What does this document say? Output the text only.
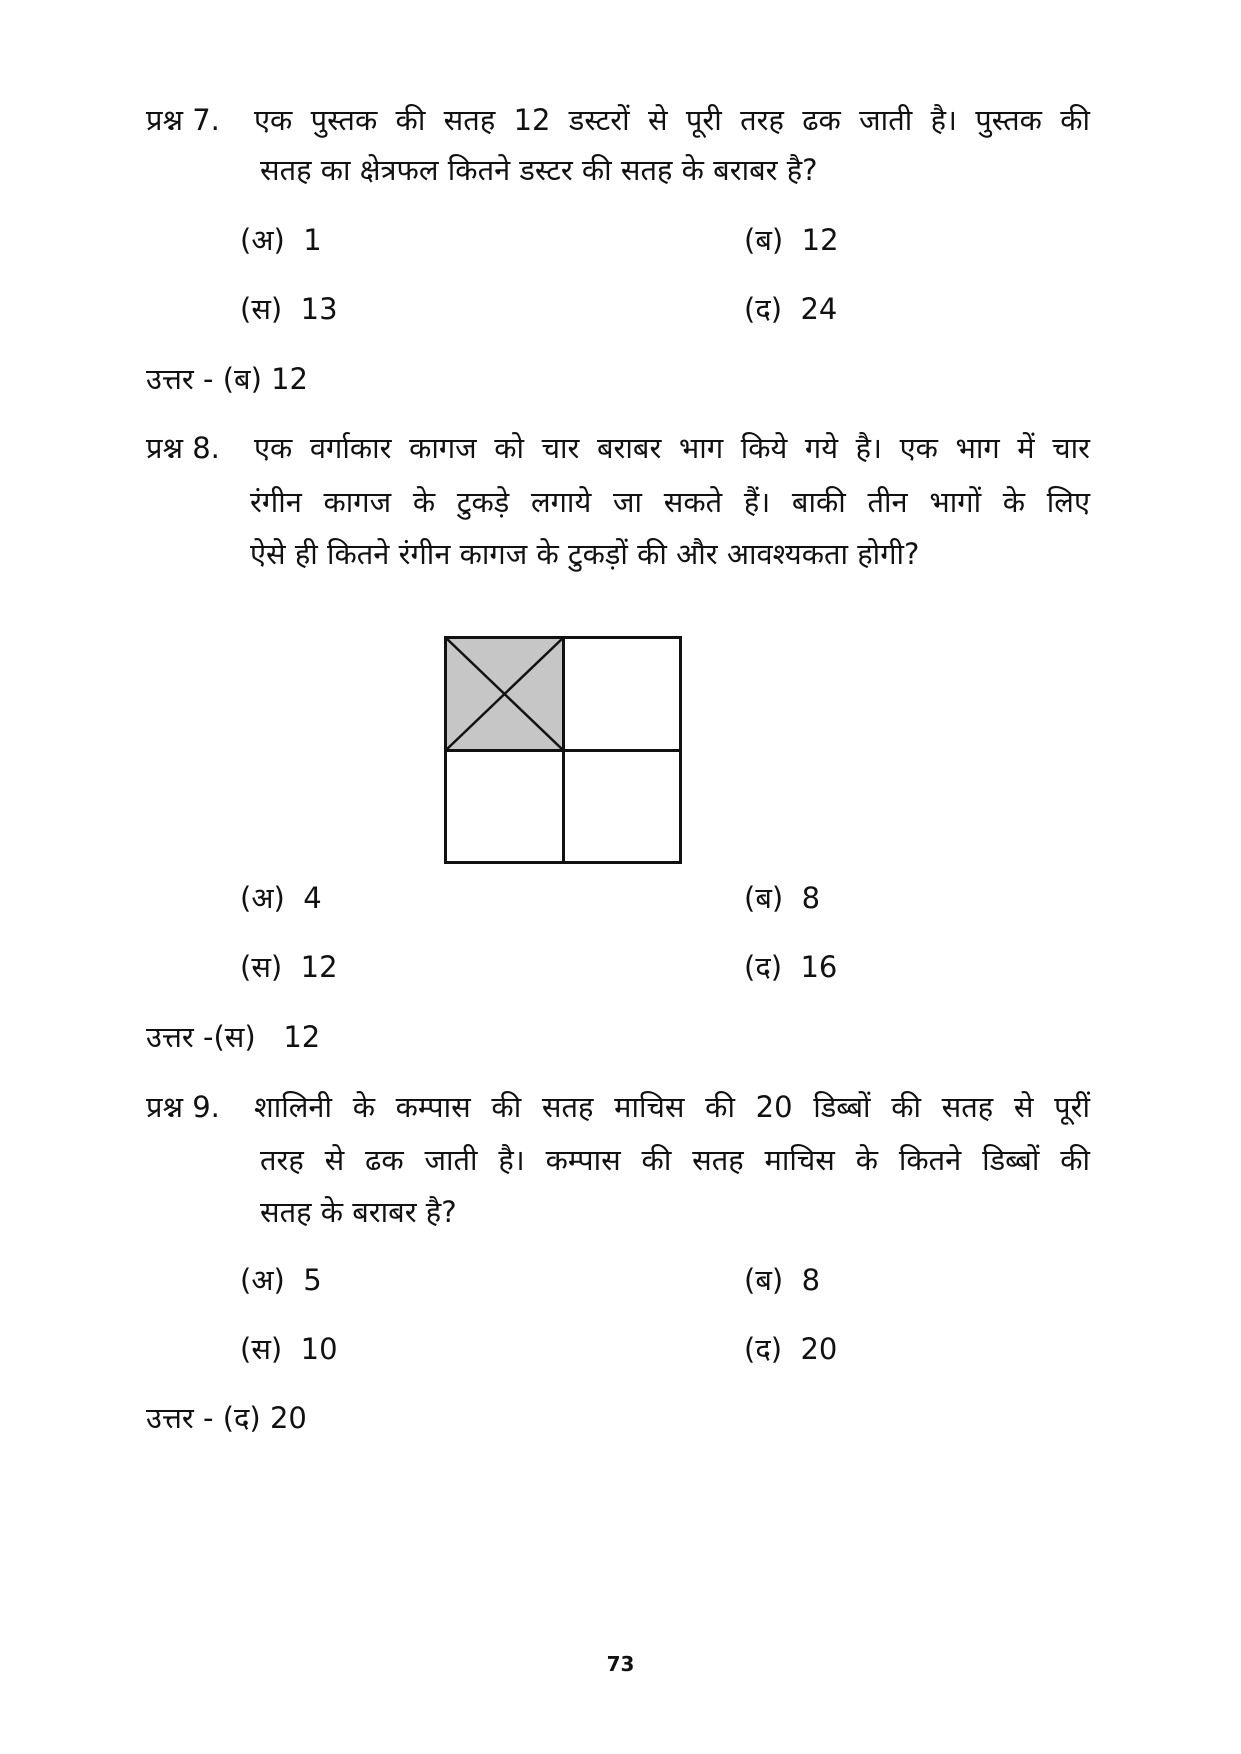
प्रश्न 7. एक पुस्तक की सतह 12 डस्टरों से पूरी तरह ढक जाती है। पुस्तक की
सतह का क्षेत्रफल कितने डस्टर की सतह के बराबर है?
(अ) 1	(ब) 12
(स) 13	(द) 24
उत्तर - (ब) 12
प्रश्न 8. एक वर्गाकार कागज को चार बराबर भाग किये गये है। एक भाग में चार
रंगीन कागज के टुकड़े लगाये जा सकते हैं। बाकी तीन भागों के लिए
ऐसे ही कितने रंगीन कागज के टुकड़ों की और आवश्यकता होगी?
(अ) 4	(ब) 8
(स) 12	(द) 16
उत्तर -(स)   12
प्रश्न 9. शालिनी के कम्पास की सतह माचिस की 20 डिब्बों की सतह से पूरीं
तरह से ढक जाती है। कम्पास की सतह माचिस के कितने डिब्बों की
सतह के बराबर है?
(अ) 5	(ब) 8
(स) 10	(द) 20
उत्तर - (द) 20
73
